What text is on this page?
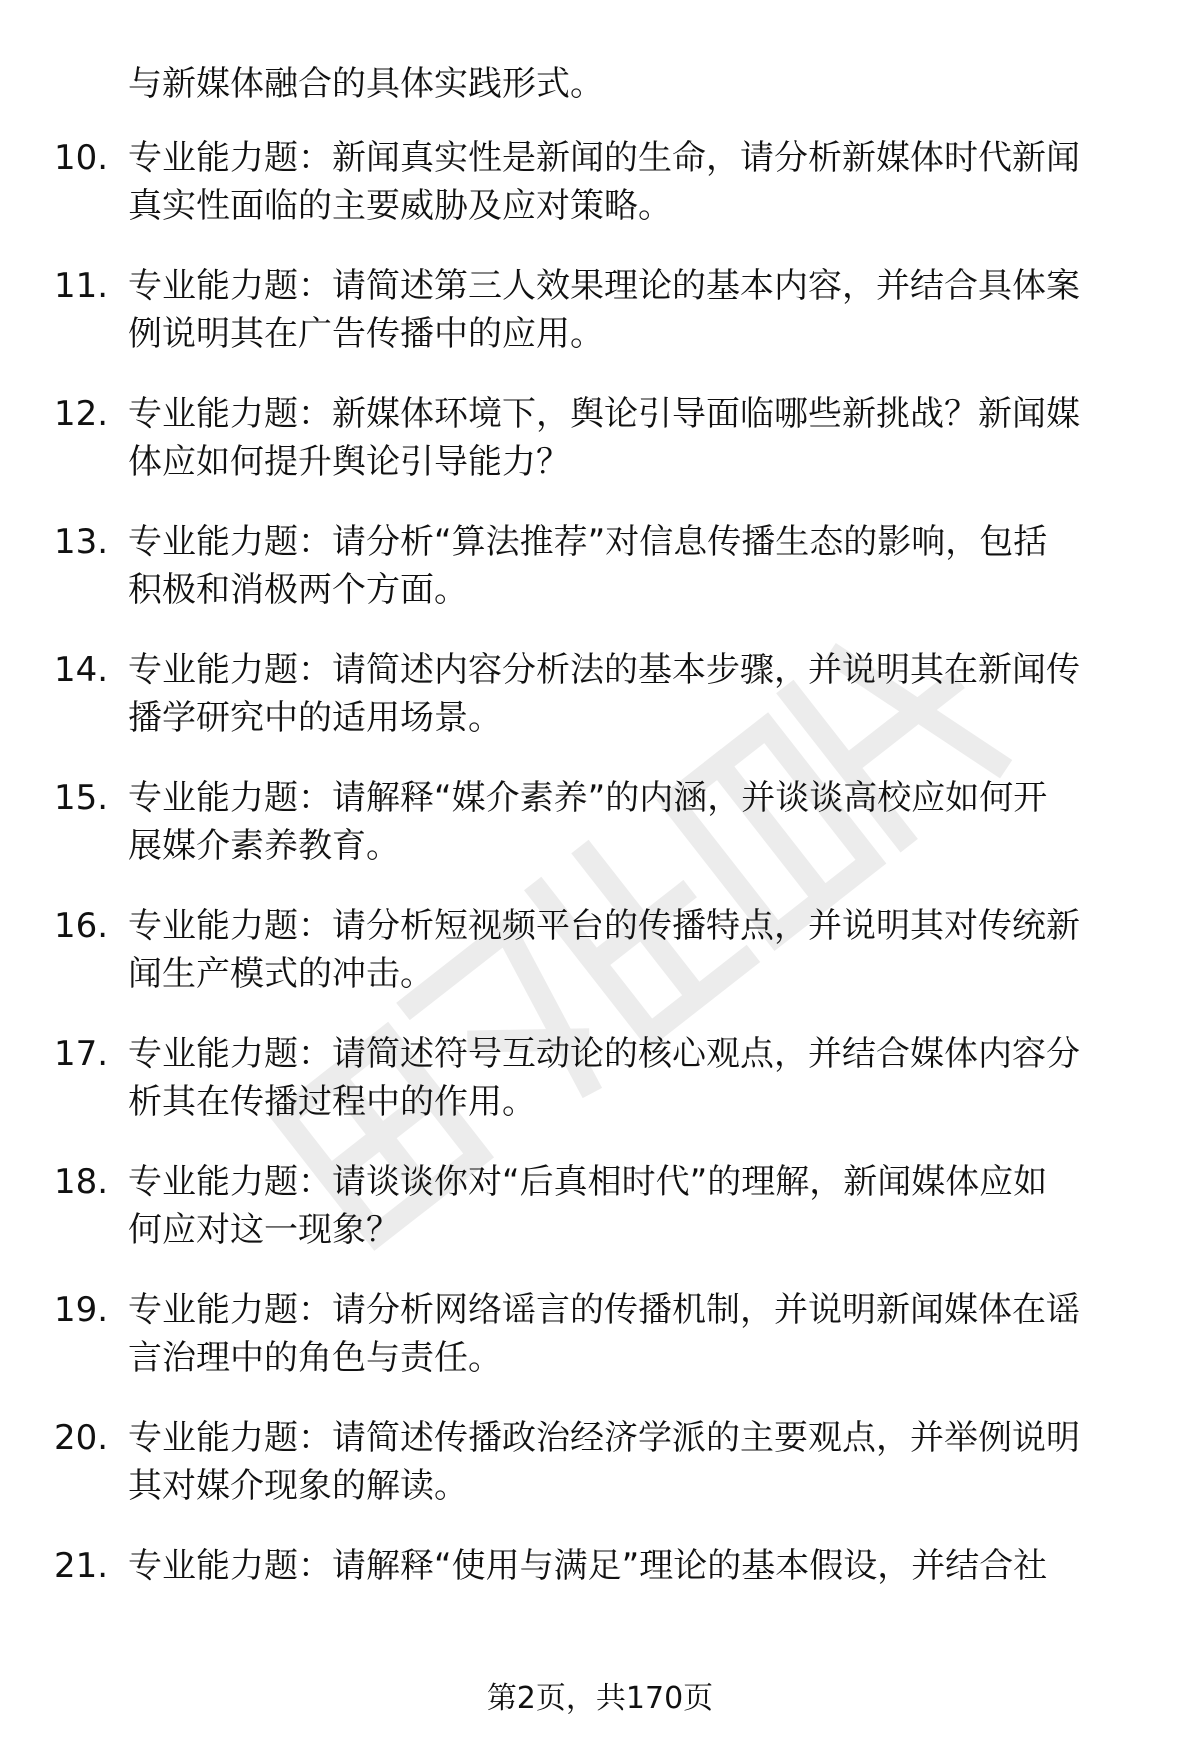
与新媒体融合的具体实践形式。
10. 专业能力题：新闻真实性是新闻的生命，请分析新媒体时代新闻
真实性面临的主要威胁及应对策略。
11. 专业能力题：请简述第三人效果理论的基本内容，并结合具体案
例说明其在广告传播中的应用。
12. 专业能力题：新媒体环境下，舆论引导面临哪些新挑战？新闻媒
体应如何提升舆论引导能力？
13. 专业能力题：请分析“算法推荐”对信息传播生态的影响，包括
积极和消极两个方面。
14. 专业能力题：请简述内容分析法的基本步骤，并说明其在新闻传
播学研究中的适用场景。
15. 专业能力题：请解释“媒介素养”的内涵，并谈谈高校应如何开
展媒介素养教育。
16. 专业能力题：请分析短视频平台的传播特点，并说明其对传统新
闻生产模式的冲击。
17. 专业能力题：请简述符号互动论的核心观点，并结合媒体内容分
析其在传播过程中的作用。
18. 专业能力题：请谈谈你对“后真相时代”的理解，新闻媒体应如
何应对这一现象？
19. 专业能力题：请分析网络谣言的传播机制，并说明新闻媒体在谣
言治理中的角色与责任。
20. 专业能力题：请简述传播政治经济学派的主要观点，并举例说明
其对媒介现象的解读。
21. 专业能力题：请解释“使用与满足”理论的基本假设，并结合社
第2页，共170页
